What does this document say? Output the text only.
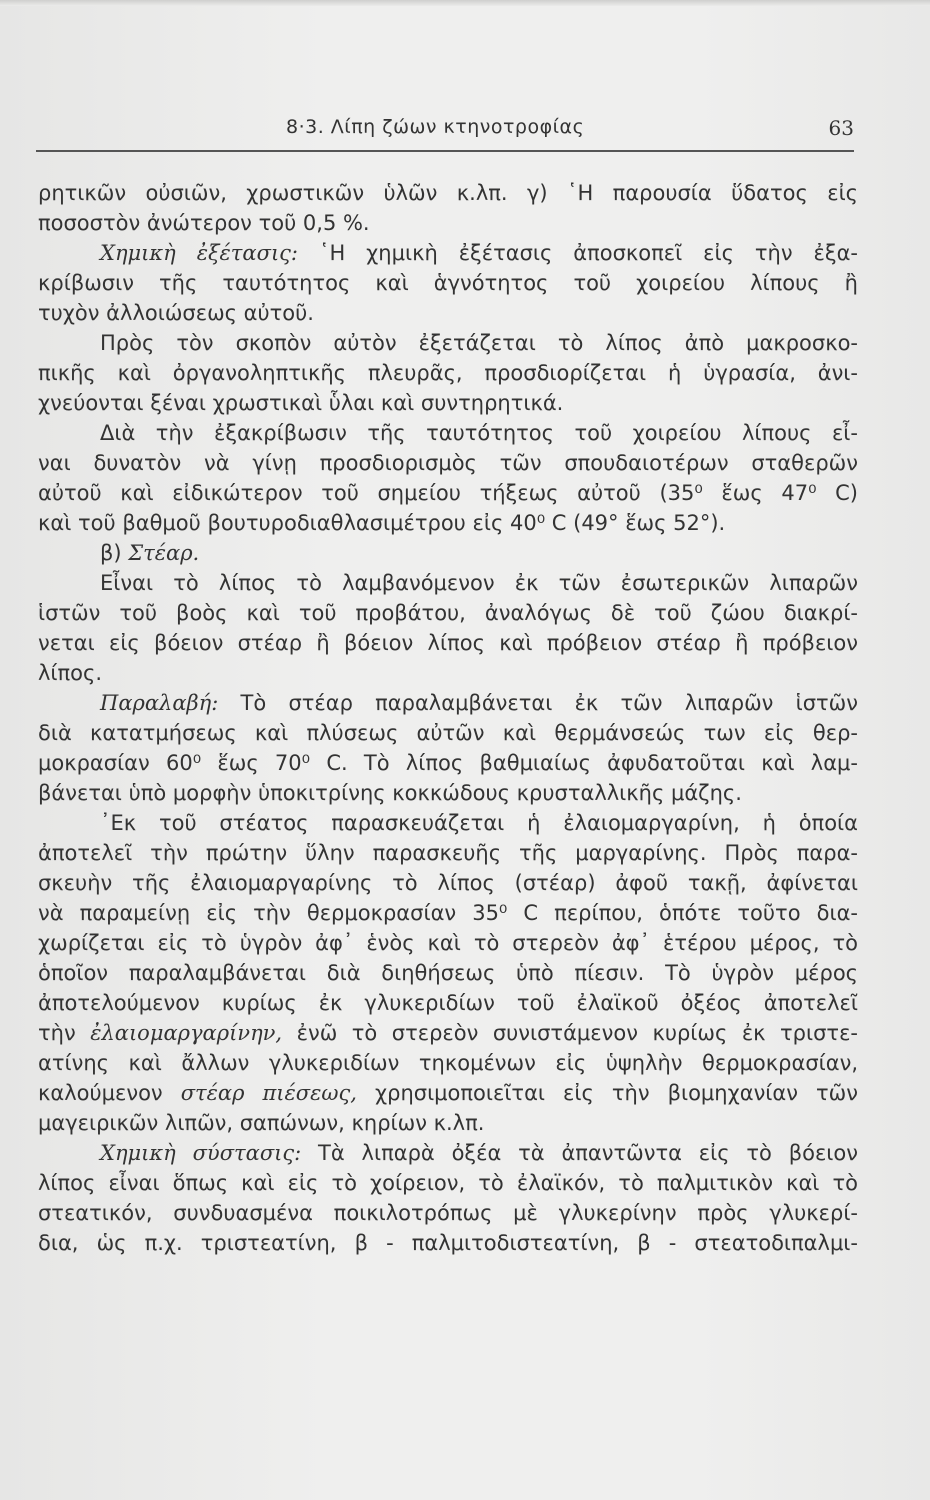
8·3. Λίπη ζώων κτηνοτροφίας	63
ρητικῶν οὐσιῶν, χρωστικῶν ὑλῶν κ.λπ. γ) ῾Η παρουσία ὕδατος εἰς
ποσοστὸν ἀνώτερον τοῦ 0,5 %.
Χημικὴ ἐξέτασις: ῾Η χημικὴ ἐξέτασις ἀποσκοπεῖ εἰς τὴν ἐξα-
κρίβωσιν τῆς ταυτότητος καὶ ἁγνότητος τοῦ χοιρείου λίπους ἢ
τυχὸν ἀλλοιώσεως αὐτοῦ.
Πρὸς τὸν σκοπὸν αὐτὸν ἐξετάζεται τὸ λίπος ἀπὸ μακροσκο-
πικῆς καὶ ὀργανοληπτικῆς πλευρᾶς, προσδιορίζεται ἡ ὑγρασία, ἀνι-
χνεύονται ξέναι χρωστικαὶ ὗλαι καὶ συντηρητικά.
Διὰ τὴν ἐξακρίβωσιν τῆς ταυτότητος τοῦ χοιρείου λίπους εἶ-
ναι δυνατὸν νὰ γίνῃ προσδιορισμὸς τῶν σπουδαιοτέρων σταθερῶν
αὐτοῦ καὶ εἰδικώτερον τοῦ σημείου τήξεως αὐτοῦ (35⁰ ἕως 47⁰ C)
καὶ τοῦ βαθμοῦ βουτυροδιαθλασιμέτρου εἰς 40⁰ C (49° ἕως 52°).
β) Στέαρ.
Εἶναι τὸ λίπος τὸ λαμβανόμενον ἐκ τῶν ἐσωτερικῶν λιπαρῶν
ἱστῶν τοῦ βοὸς καὶ τοῦ προβάτου, ἀναλόγως δὲ τοῦ ζώου διακρί-
νεται εἰς βόειον στέαρ ἢ βόειον λίπος καὶ πρόβειον στέαρ ἢ πρόβειον
λίπος.
Παραλαβή: Τὸ στέαρ παραλαμβάνεται ἐκ τῶν λιπαρῶν ἱστῶν
διὰ κατατμήσεως καὶ πλύσεως αὐτῶν καὶ θερμάνσεώς των εἰς θερ-
μοκρασίαν 60⁰ ἕως 70⁰ C. Τὸ λίπος βαθμιαίως ἀφυδατοῦται καὶ λαμ-
βάνεται ὑπὸ μορφὴν ὑποκιτρίνης κοκκώδους κρυσταλλικῆς μάζης.
᾽Εκ τοῦ στέατος παρασκευάζεται ἡ ἐλαιομαργαρίνη, ἡ ὁποία
ἀποτελεῖ τὴν πρώτην ὕλην παρασκευῆς τῆς μαργαρίνης. Πρὸς παρα-
σκευὴν τῆς ἐλαιομαργαρίνης τὸ λίπος (στέαρ) ἀφοῦ τακῇ, ἀφίνεται
νὰ παραμείνῃ εἰς τὴν θερμοκρασίαν 35⁰ C περίπου, ὁπότε τοῦτο δια-
χωρίζεται εἰς τὸ ὑγρὸν ἀφ᾽ ἑνὸς καὶ τὸ στερεὸν ἀφ᾽ ἑτέρου μέρος, τὸ
ὁποῖον παραλαμβάνεται διὰ διηθήσεως ὑπὸ πίεσιν. Τὸ ὑγρὸν μέρος
ἀποτελούμενον κυρίως ἐκ γλυκεριδίων τοῦ ἐλαϊκοῦ ὀξέος ἀποτελεῖ
τὴν ἐλαιομαργαρίνην, ἐνῶ τὸ στερεὸν συνιστάμενον κυρίως ἐκ τριστε-
ατίνης καὶ ἄλλων γλυκεριδίων τηκομένων εἰς ὑψηλὴν θερμοκρασίαν,
καλούμενον στέαρ πιέσεως, χρησιμοποιεῖται εἰς τὴν βιομηχανίαν τῶν
μαγειρικῶν λιπῶν, σαπώνων, κηρίων κ.λπ.
Χημικὴ σύστασις: Τὰ λιπαρὰ ὀξέα τὰ ἀπαντῶντα εἰς τὸ βόειον
λίπος εἶναι ὅπως καὶ εἰς τὸ χοίρειον, τὸ ἐλαϊκόν, τὸ παλμιτικὸν καὶ τὸ
στεατικόν, συνδυασμένα ποικιλοτρόπως μὲ γλυκερίνην πρὸς γλυκερί-
δια, ὡς π.χ. τριστεατίνη, β - παλμιτοδιστεατίνη, β - στεατοδιπαλμι-
